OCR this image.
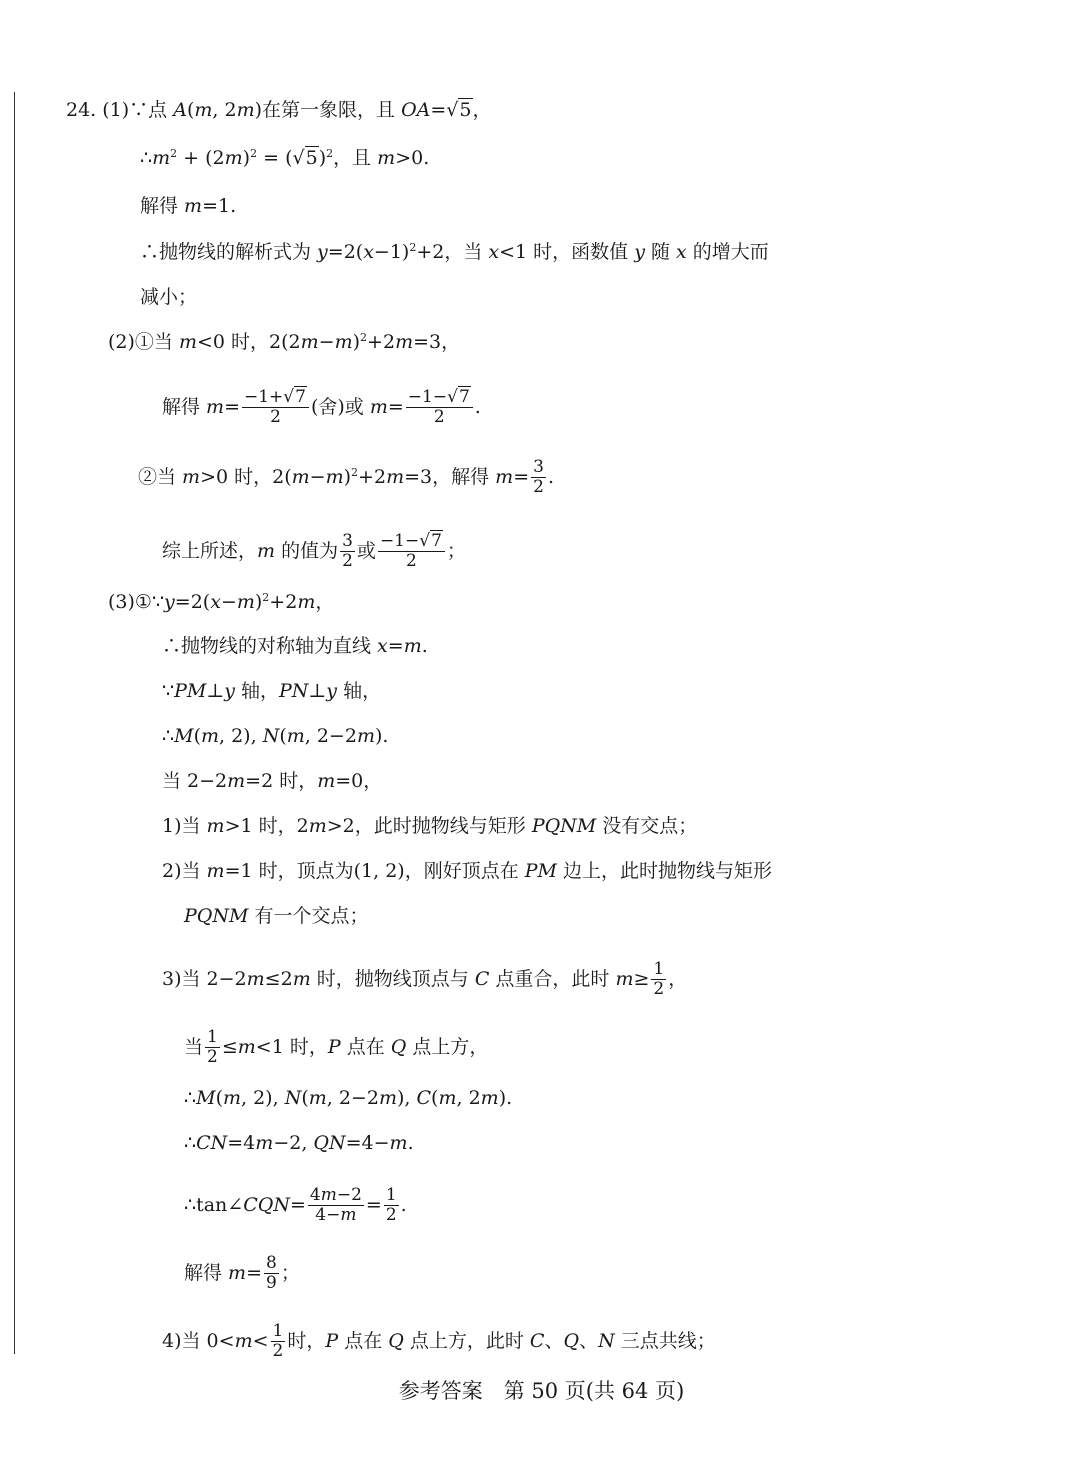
24. (1)∵点 A(m, 2m)在第一象限，且 OA=√5，
$\therefore m^2 + (2m)^2 = (√5)^2$，且 m>0.
解得 m=1.
∴抛物线的解析式为 $y=2(x-1)^2+2$，当 x<1 时，函数值 y 随 x 的增大而
减小；
(2)①当 m<0 时，$2(2m-m)^2+2m=3$，
解得 $m= \frac{-1+√7}{2}$ (舍)或 $m= \frac{-1-√7}{2}$ .
②当 m>0 时，$2(m-m)^2+2m=3$，解得 $m= \frac{3}{2}$ .
综上所述，m 的值为 $\frac{3}{2}$ 或 $\frac{-1-√7}{2}$ ；
$(3)①\because y=2(x-m)^2+2m$，
∴抛物线的对称轴为直线 x=m.
∵PM⊥y 轴，PN⊥y 轴，
∴M(m, 2), N(m, 2−2m).
当 2−2m=2 时，m=0，
1)当 m>1 时，2m>2，此时抛物线与矩形 PQNM 没有交点；
2)当 m=1 时，顶点为(1, 2)，刚好顶点在 PM 边上，此时抛物线与矩形
PQNM 有一个交点；
3)当 2−2m≤2m 时，抛物线顶点与 C 点重合，此时 $m\ge \frac{1}{2}$ ，
当 $\frac{1}{2} \le m<1$ 时，P 点在 Q 点上方，
∴M(m, 2), N(m, 2−2m), C(m, 2m).
∴CN=4m−2, QN=4−m.
∴tan∠CQN= $\frac{4m-2}{4-m} = \frac{1}{2}$ .
解得 $m= \frac{8}{9}$ ；
4)当 $0<m< \frac{1}{2}$ 时，P 点在 Q 点上方，此时 C、Q、N 三点共线；
参考答案　第 50 页(共 64 页)
